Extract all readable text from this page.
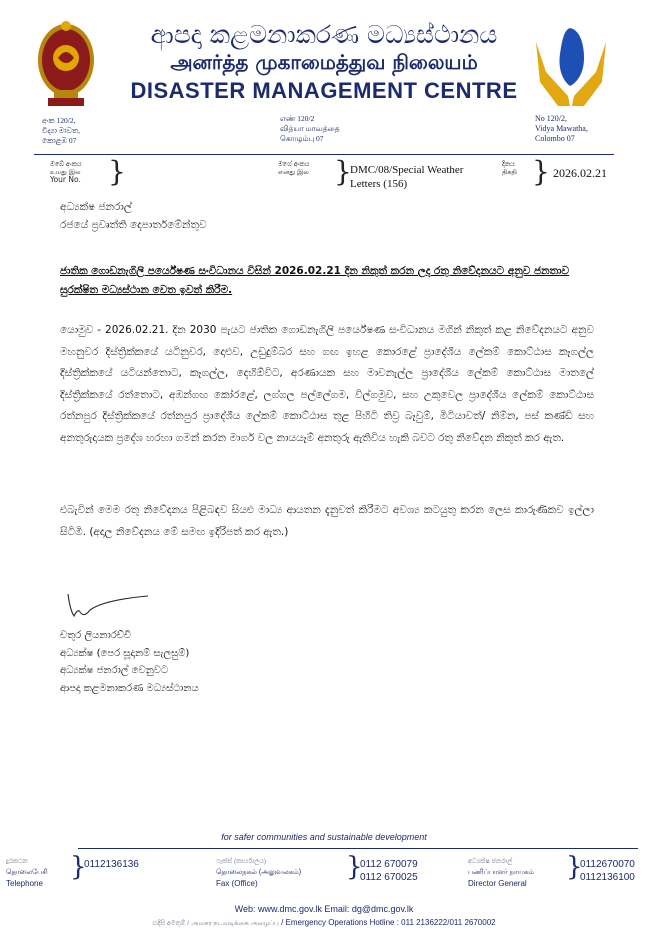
ආපදා කළමනාකරණ මධ්‍යස්ථානය
அனர்த்த முகாமைத்துவ நிலையம்
DISASTER MANAGEMENT CENTRE
අංක 120/2,
විද්‍යා මාවත,
කොළඹ 07
எண் 120/2
வித்யா மாவத்தை
கொழும்பு 07
No 120/2,
Vidya Mawatha,
Colombo 07
ඔබේ අංකය
உமது இல
Your No. }	මගේ අංකය
எனது இல }
DMC/08/Special Weather
Letters (156)
දිනය
திகதி } 2026.02.21
අධ්‍යක්ෂ ජනරාල්
රජයේ ප්‍රවෘත්ති දෙපාර්තමේන්තුව
ජාතික ගොඩනැගිලි පර්යේෂණ සංවිධානය විසින් 2026.02.21 දින නිකුත් කරන ලද රතු නිවේදනයට අනුව ජනතාව සුරක්ෂිත මධ්‍යස්ථාන වෙත ඉවත් කිරීම.
යොමුව - 2026.02.21. දින 2030 පැයට ජාතික ගොඩනැගිලි පර්යේෂණ සංවිධානය මගින් නිකුත් කළ නිවේදනයට අනුව මහනුවර දිස්ත්‍රික්කයේ යටිනුවර, දොළුව, උඩුදුම්බර සහ ගඟ ඉහළ කොරළේ ප්‍රාදේශීය ලේකම් කොට්ඨාස කෑගල්ල දිස්ත්‍රික්කයේ යටියන්තොට, කෑගල්ල, දෙහිඕවිට, අරණායක සහ මාවනැල්ල ප්‍රාදේශීය ලේකම් කොට්ඨාස මාතලේ දිස්ත්‍රික්කයේ රත්තොට, අඹන්ගඟ කෝරළේ, ලග්ගල පල්ලේගම, විල්ගමුව, සහ උකුවෙල ප්‍රාදේශීය ලේකම් කොට්ඨාස රත්නපුර දිස්ත්‍රික්කයේ රත්නපුර ප්‍රාදේශීය ලේකම් කොට්ඨාස තුළ පිහිටි තිව්‍ර බෑවුම්, මිටියාවත්/ නිම්න, පස් කණ්ඩි සහ අනතුරුදායක ප්‍රදේශ හරහා ගමන් කරන මාර්ග වල නායයෑම් අනතුරු ඇතිවිය හැකි බවට රතු නිවේදන නිකුත් කර ඇත.
එබැවින් මෙම රතු නිවේදනය පිළිබඳව සියළු මාධ්‍ය ආයතන දැනුවත් කිරීමට අවශ්‍ය කටයුතු කරන ලෙස කාරුණිකව ඉල්ලා සිටිමි. (අදාල නිවේදනය මේ සමඟ ඉදිරිපත් කර ඇත.)
චතුර ලියනාරච්චි
අධ්‍යක්ෂ (පෙර සූදානම් සැලසුම්)
අධ්‍යක්ෂ ජනරාල් වෙනුවට
ආපදා කළමනාකරණ මධ්‍යස්ථානය
for safer communities and sustainable development
දුරකථන
தொலைபேசி
Telephone
}
0112136136	ෆැක්ස් (කාර්යාලය)
தொலைநகல் (அலுவலகம்)
Fax (Office)
}
0112 670079
0112 670025
අධ්‍යක්ෂ ජනරාල්
பணிப்பாளர் நாயகம்
Director General
}
0112670070
0112136100
Web: www.dmc.gov.lk Email: dg@dmc.gov.lk
හදිසි අමතුම් / அவசர நடவடிக்கை அழைப்பு / Emergency Operations Hotline : 011 2136222/011 2670002
